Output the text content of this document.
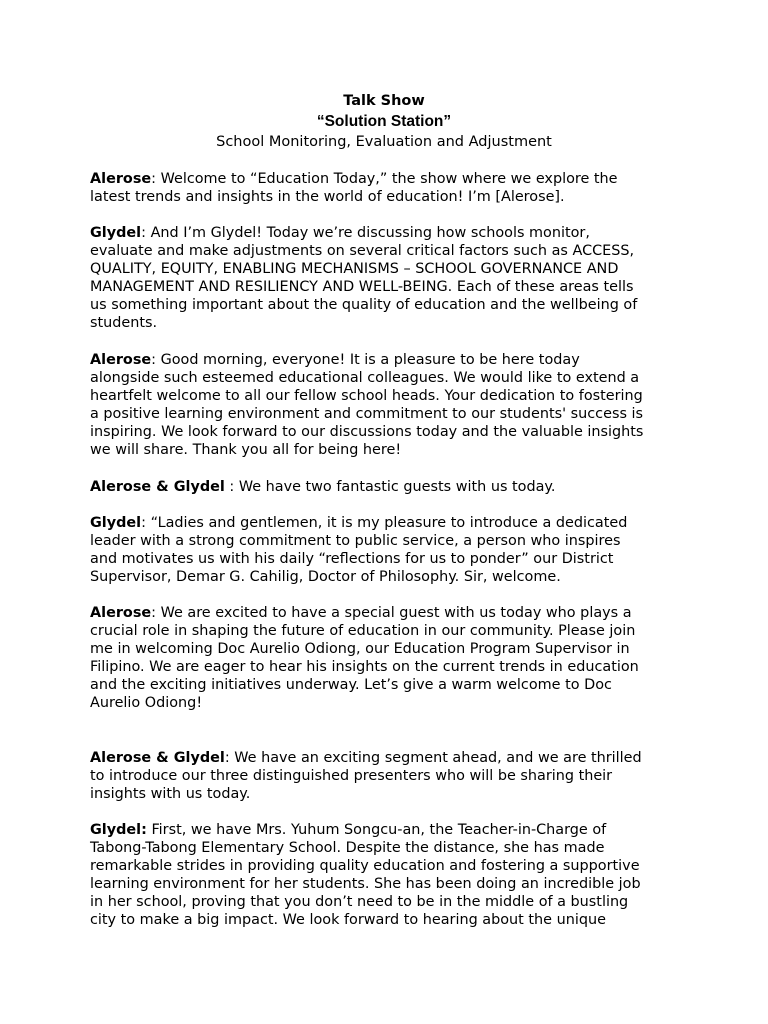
Talk Show
“Solution Station”
School Monitoring, Evaluation and Adjustment
Alerose: Welcome to “Education Today,” the show where we explore the
latest trends and insights in the world of education! I’m [Alerose].
Glydel: And I’m Glydel! Today we’re discussing how schools monitor,
evaluate and make adjustments on several critical factors such as ACCESS,
QUALITY, EQUITY, ENABLING MECHANISMS – SCHOOL GOVERNANCE AND
MANAGEMENT AND RESILIENCY AND WELL-BEING. Each of these areas tells
us something important about the quality of education and the wellbeing of
students.
Alerose: Good morning, everyone! It is a pleasure to be here today
alongside such esteemed educational colleagues. We would like to extend a
heartfelt welcome to all our fellow school heads. Your dedication to fostering
a positive learning environment and commitment to our students' success is
inspiring. We look forward to our discussions today and the valuable insights
we will share. Thank you all for being here!
Alerose & Glydel : We have two fantastic guests with us today.
Glydel: “Ladies and gentlemen, it is my pleasure to introduce a dedicated
leader with a strong commitment to public service, a person who inspires
and motivates us with his daily “reflections for us to ponder” our District
Supervisor, Demar G. Cahilig, Doctor of Philosophy. Sir, welcome.
Alerose: We are excited to have a special guest with us today who plays a
crucial role in shaping the future of education in our community. Please join
me in welcoming Doc Aurelio Odiong, our Education Program Supervisor in
Filipino. We are eager to hear his insights on the current trends in education
and the exciting initiatives underway. Let’s give a warm welcome to Doc
Aurelio Odiong!
Alerose & Glydel: We have an exciting segment ahead, and we are thrilled
to introduce our three distinguished presenters who will be sharing their
insights with us today.
Glydel: First, we have Mrs. Yuhum Songcu-an, the Teacher-in-Charge of
Tabong-Tabong Elementary School. Despite the distance, she has made
remarkable strides in providing quality education and fostering a supportive
learning environment for her students. She has been doing an incredible job
in her school, proving that you don’t need to be in the middle of a bustling
city to make a big impact. We look forward to hearing about the unique
